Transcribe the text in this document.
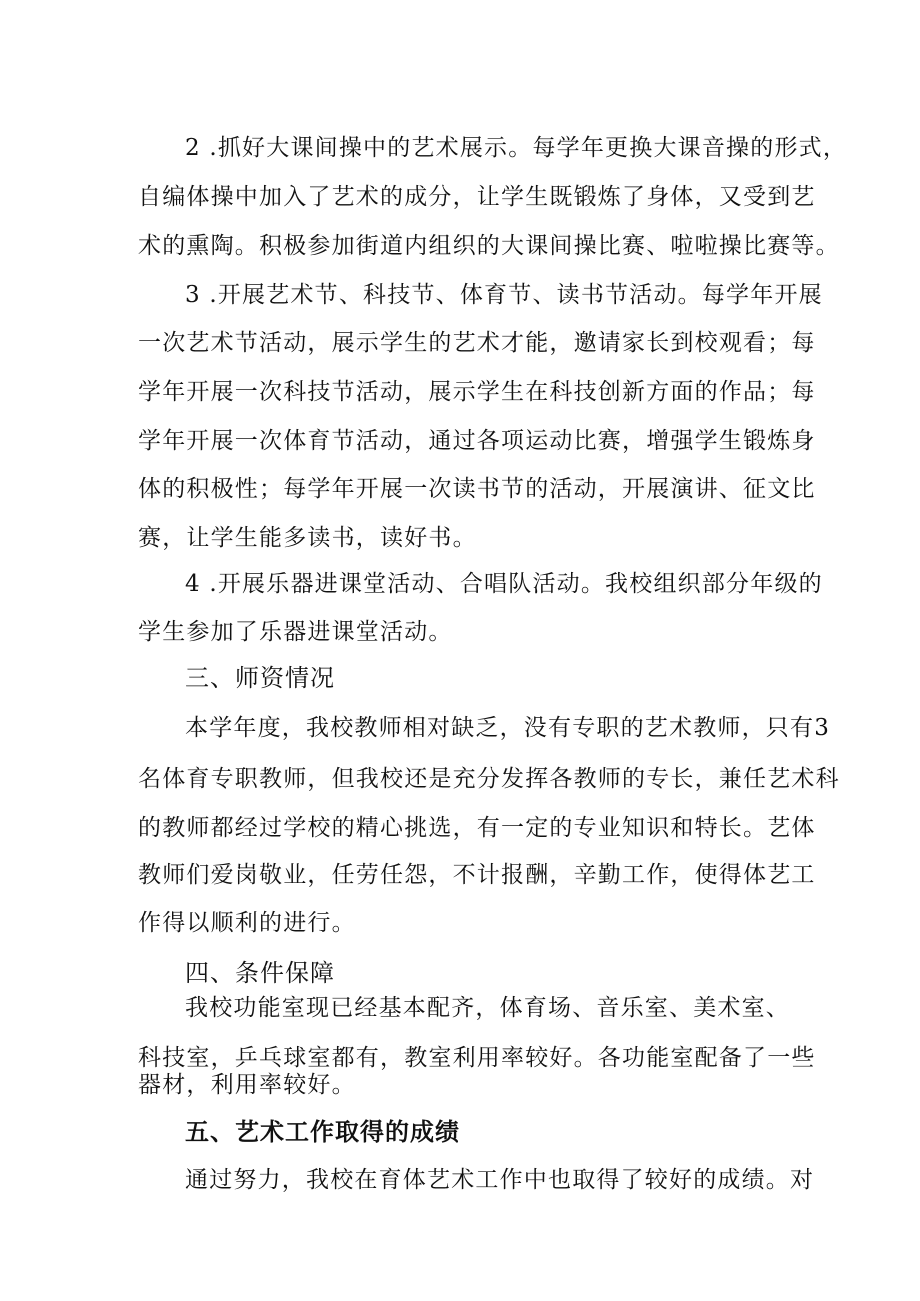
2 .抓好大课间操中的艺术展示。每学年更换大课音操的形式，
自编体操中加入了艺术的成分，让学生既锻炼了身体，又受到艺
术的熏陶。积极参加街道内组织的大课间操比赛、啦啦操比赛等。
3 .开展艺术节、科技节、体育节、读书节活动。每学年开展
一次艺术节活动，展示学生的艺术才能，邀请家长到校观看；每
学年开展一次科技节活动，展示学生在科技创新方面的作品；每
学年开展一次体育节活动，通过各项运动比赛，增强学生锻炼身
体的积极性；每学年开展一次读书节的活动，开展演讲、征文比
赛，让学生能多读书，读好书。
4 .开展乐器进课堂活动、合唱队活动。我校组织部分年级的
学生参加了乐器进课堂活动。
三、师资情况
本学年度，我校教师相对缺乏，没有专职的艺术教师，只有3
名体育专职教师，但我校还是充分发挥各教师的专长，兼任艺术科
的教师都经过学校的精心挑选，有一定的专业知识和特长。艺体
教师们爱岗敬业，任劳任怨，不计报酬，辛勤工作，使得体艺工
作得以顺利的进行。
四、条件保障
我校功能室现已经基本配齐，体育场、音乐室、美术室、
科技室，乒乓球室都有，教室利用率较好。各功能室配备了一些
器材，利用率较好。
五、艺术工作取得的成绩
通过努力，我校在育体艺术工作中也取得了较好的成绩。对
